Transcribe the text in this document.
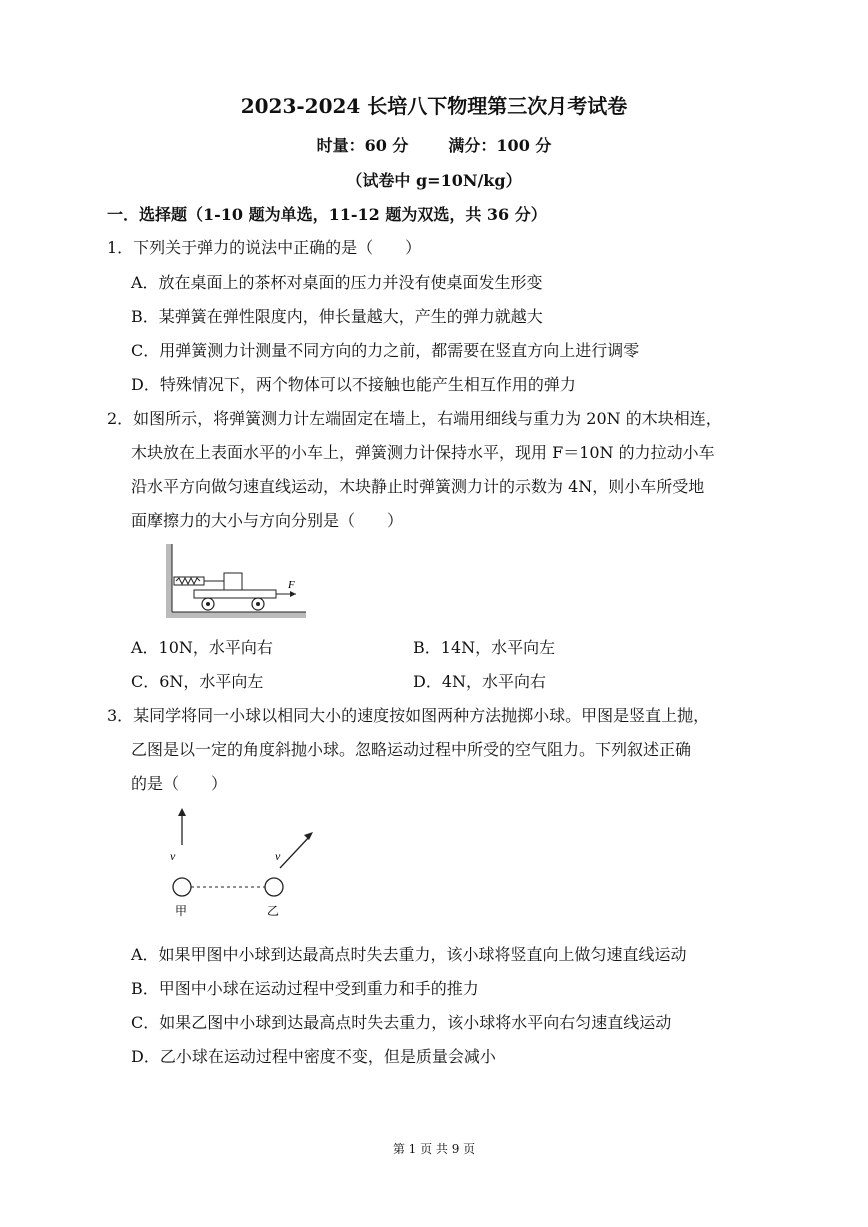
2023-2024 长培八下物理第三次月考试卷
时量：60 分	满分：100 分
（试卷中 g=10N/kg）
一．选择题（1-10 题为单选，11-12 题为双选，共 36 分）
1．下列关于弹力的说法中正确的是（　　）
A．放在桌面上的茶杯对桌面的压力并没有使桌面发生形变
B．某弹簧在弹性限度内，伸长量越大，产生的弹力就越大
C．用弹簧测力计测量不同方向的力之前，都需要在竖直方向上进行调零
D．特殊情况下，两个物体可以不接触也能产生相互作用的弹力
2．如图所示，将弹簧测力计左端固定在墙上，右端用细线与重力为 20N 的木块相连，
木块放在上表面水平的小车上，弹簧测力计保持水平，现用 F＝10N 的力拉动小车
沿水平方向做匀速直线运动，木块静止时弹簧测力计的示数为 4N，则小车所受地
面摩擦力的大小与方向分别是（　　）
F
A．10N，水平向右	B．14N，水平向左
C．6N，水平向左	D．4N，水平向右
3．某同学将同一小球以相同大小的速度按如图两种方法抛掷小球。甲图是竖直上抛，
乙图是以一定的角度斜抛小球。忽略运动过程中所受的空气阻力。下列叙述正确
的是（　　）
v	v
甲	乙
A．如果甲图中小球到达最高点时失去重力，该小球将竖直向上做匀速直线运动
B．甲图中小球在运动过程中受到重力和手的推力
C．如果乙图中小球到达最高点时失去重力，该小球将水平向右匀速直线运动
D．乙小球在运动过程中密度不变，但是质量会减小
第 1 页 共 9 页
